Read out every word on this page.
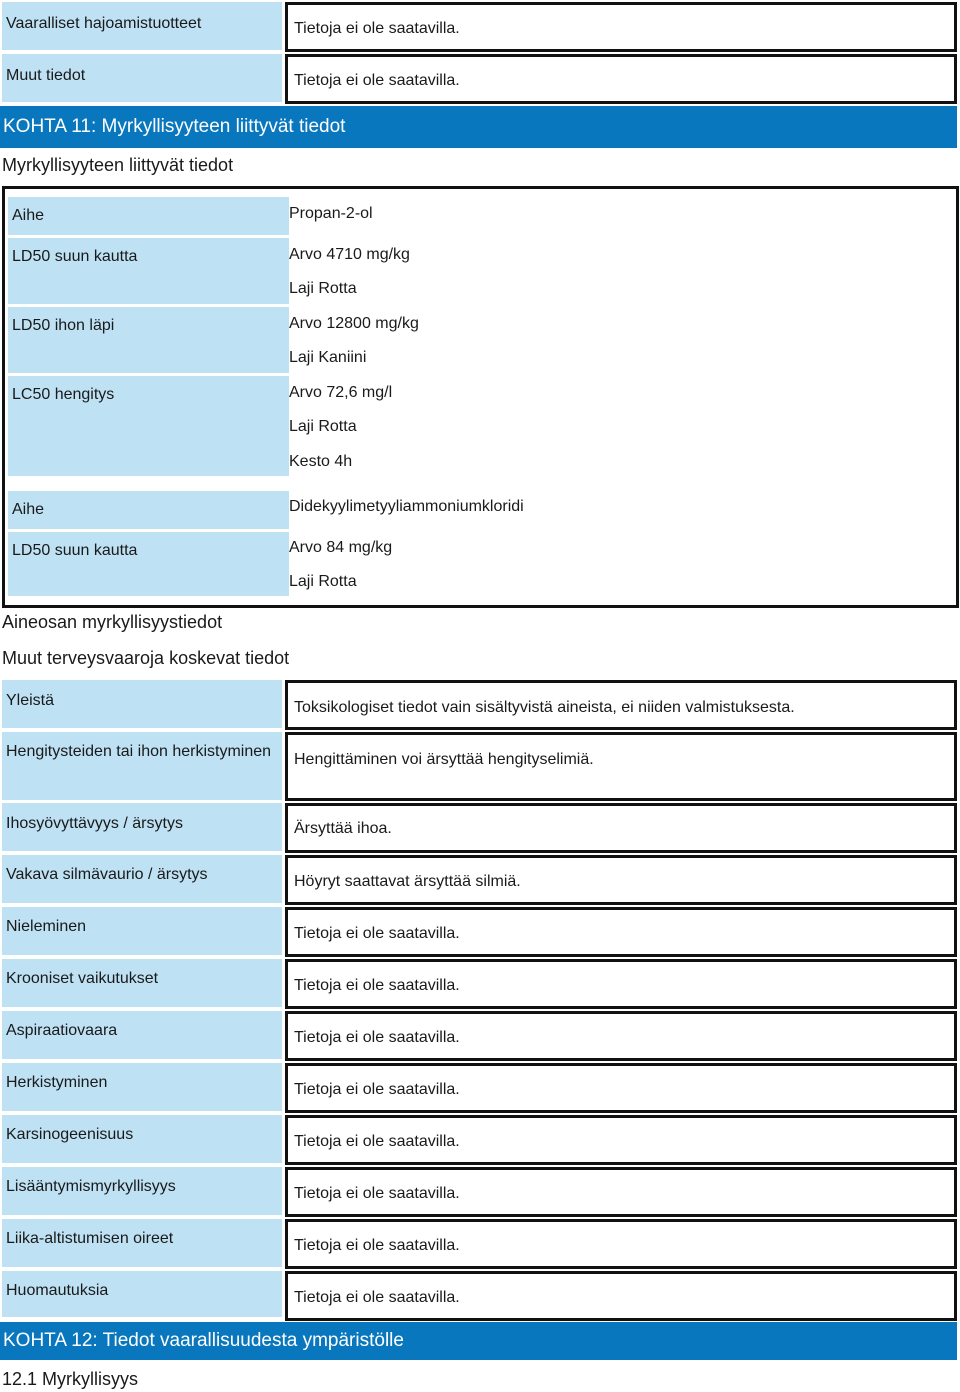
Vaaralliset hajoamistuotteet	Tietoja ei ole saatavilla.
Muut tiedot	Tietoja ei ole saatavilla.
KOHTA 11: Myrkyllisyyteen liittyvät tiedot
Myrkyllisyyteen liittyvät tiedot
Aihe	Propan-2-ol
LD50 suun kautta	Arvo 4710 mg/kg
Laji Rotta
LD50 ihon läpi	Arvo 12800 mg/kg
Laji Kaniini
LC50 hengitys	Arvo 72,6 mg/l
Laji Rotta
Kesto 4h
Aihe	Didekyylimetyyliammoniumkloridi
LD50 suun kautta	Arvo 84 mg/kg
Laji Rotta
Aineosan myrkyllisyystiedot
Muut terveysvaaroja koskevat tiedot
Yleistä	Toksikologiset tiedot vain sisältyvistä aineista, ei niiden valmistuksesta.
Hengitysteiden tai ihon herkistyminen	Hengittäminen voi ärsyttää hengityselimiä.
Ihosyövyttävyys / ärsytys	Ärsyttää ihoa.
Vakava silmävaurio / ärsytys	Höyryt saattavat ärsyttää silmiä.
Nieleminen	Tietoja ei ole saatavilla.
Krooniset vaikutukset	Tietoja ei ole saatavilla.
Aspiraatiovaara	Tietoja ei ole saatavilla.
Herkistyminen	Tietoja ei ole saatavilla.
Karsinogeenisuus	Tietoja ei ole saatavilla.
Lisääntymismyrkyllisyys	Tietoja ei ole saatavilla.
Liika-altistumisen oireet	Tietoja ei ole saatavilla.
Huomautuksia	Tietoja ei ole saatavilla.
KOHTA 12: Tiedot vaarallisuudesta ympäristölle
12.1 Myrkyllisyys
